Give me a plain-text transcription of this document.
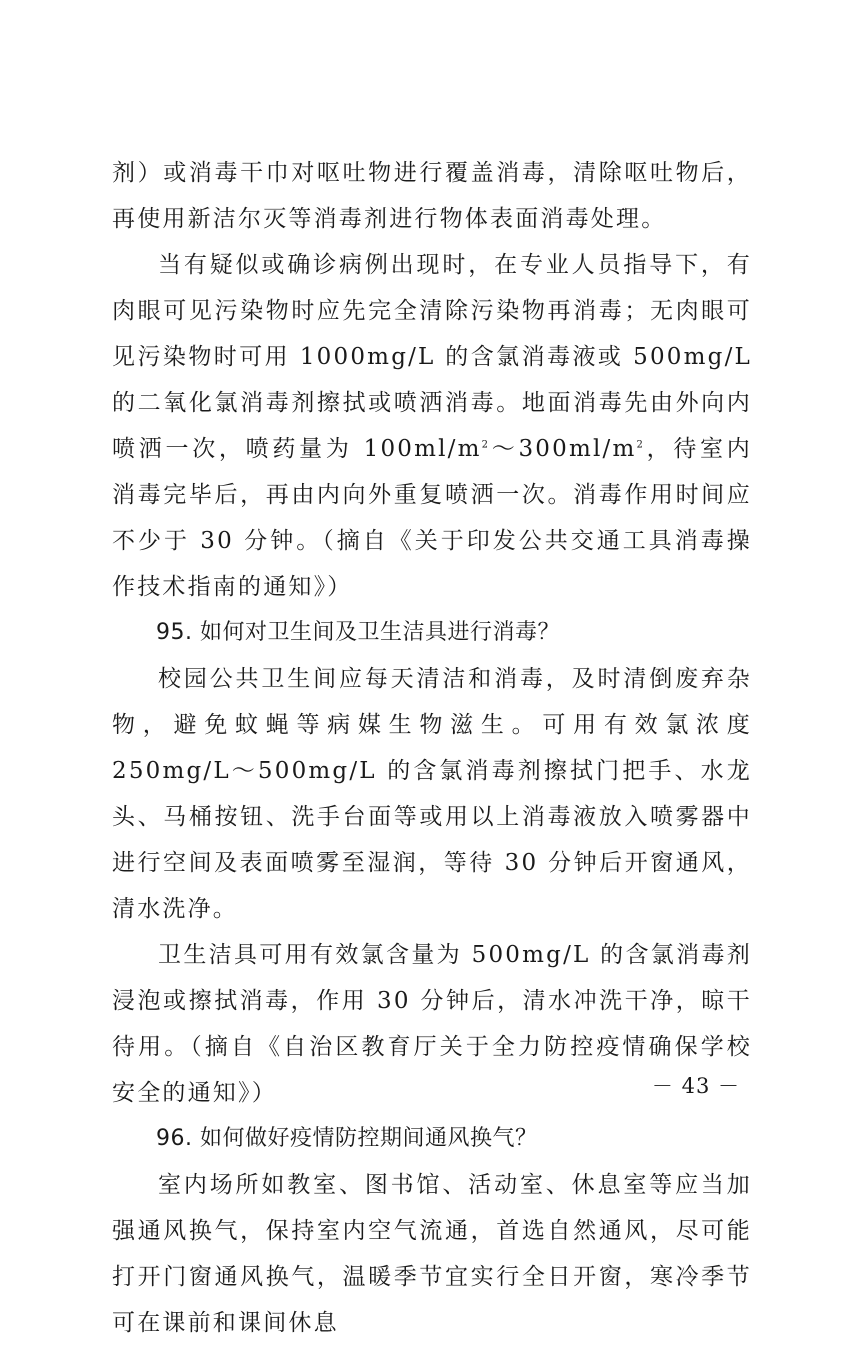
剂）或消毒干巾对呕吐物进行覆盖消毒，清除呕吐物后，再使用新洁尔灭等消毒剂进行物体表面消毒处理。

当有疑似或确诊病例出现时，在专业人员指导下，有肉眼可见污染物时应先完全清除污染物再消毒；无肉眼可见污染物时可用 1000mg/L 的含氯消毒液或 500mg/L 的二氧化氯消毒剂擦拭或喷洒消毒。地面消毒先由外向内喷洒一次，喷药量为 $100ml/m^2\sim 300ml/m^2$，待室内消毒完毕后，再由内向外重复喷洒一次。消毒作用时间应不少于 30 分钟。（摘自《关于印发公共交通工具消毒操作技术指南的通知》）

95. 如何对卫生间及卫生洁具进行消毒？

校园公共卫生间应每天清洁和消毒，及时清倒废弃杂物，避免蚊蝇等病媒生物滋生。可用有效氯浓度 250mg/L～500mg/L 的含氯消毒剂擦拭门把手、水龙头、马桶按钮、洗手台面等或用以上消毒液放入喷雾器中进行空间及表面喷雾至湿润，等待 30 分钟后开窗通风，清水洗净。

卫生洁具可用有效氯含量为 500mg/L 的含氯消毒剂浸泡或擦拭消毒，作用 30 分钟后，清水冲洗干净，晾干待用。（摘自《自治区教育厅关于全力防控疫情确保学校安全的通知》）

96. 如何做好疫情防控期间通风换气？

室内场所如教室、图书馆、活动室、休息室等应当加强通风换气，保持室内空气流通，首选自然通风，尽可能打开门窗通风换气，温暖季节宜实行全日开窗，寒冷季节可在课前和课间休息

－ 43 －
